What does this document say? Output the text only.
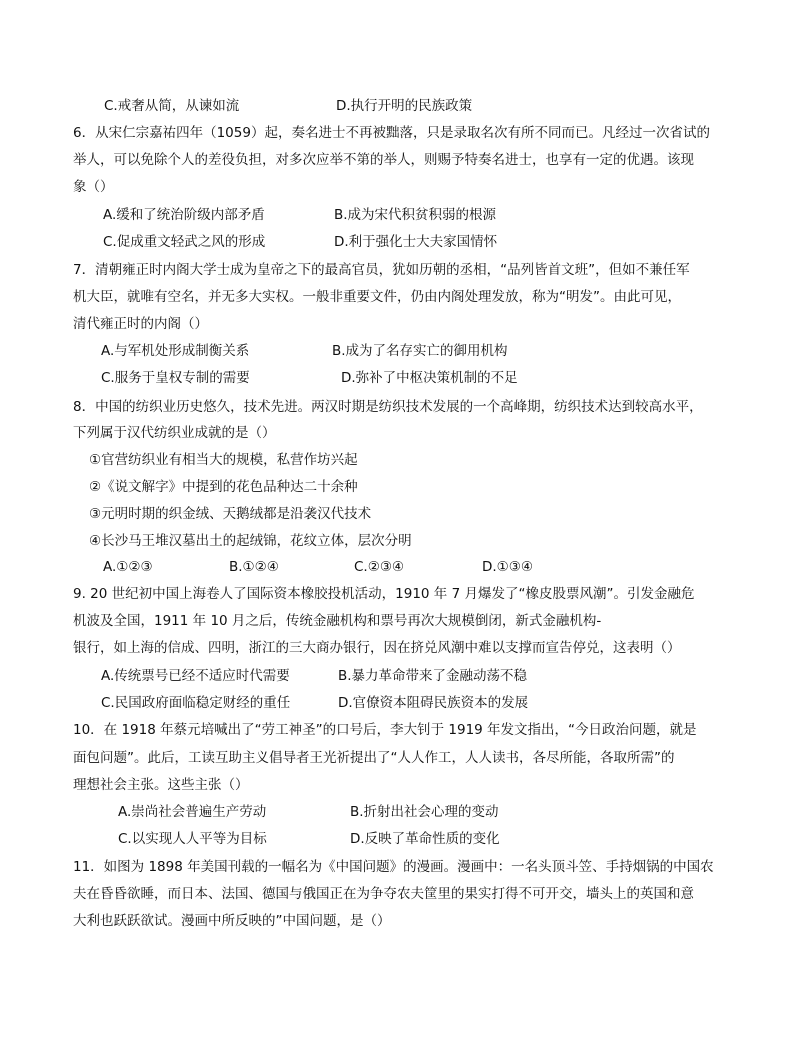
C.戒奢从简，从谏如流	D.执行开明的民族政策
6．从宋仁宗嘉祐四年（1059）起，奏名进士不再被黜落，只是录取名次有所不同而已。凡经过一次省试的
举人，可以免除个人的差役负担，对多次应举不第的举人，则赐予特奏名进士，也享有一定的优遇。该现
象（）
A.缓和了统治阶级内部矛盾	B.成为宋代积贫积弱的根源
C.促成重文轻武之风的形成	D.利于强化士大夫家国情怀
7．清朝雍正时内阁大学士成为皇帝之下的最高官员，犹如历朝的丞相，“品列皆首文班”，但如不兼任军
机大臣，就唯有空名，并无多大实权。一般非重要文件，仍由内阁处理发放，称为“明发”。由此可见，
清代雍正时的内阁（）
A.与军机处形成制衡关系	B.成为了名存实亡的御用机构
C.服务于皇权专制的需要	D.弥补了中枢决策机制的不足
8．中国的纺织业历史悠久，技术先进。两汉时期是纺织技术发展的一个高峰期，纺织技术达到较高水平，
下列属于汉代纺织业成就的是（）
①官营纺织业有相当大的规模，私营作坊兴起
②《说文解字》中提到的花色品种达二十余种
③元明时期的织金绒、天鹅绒都是沿袭汉代技术
④长沙马王堆汉墓出土的起绒锦，花纹立体，层次分明
A.①②③	B.①②④	C.②③④	D.①③④
9. 20 世纪初中国上海卷人了国际资本橡胶投机活动，1910 年 7 月爆发了“橡皮股票风潮”。引发金融危
机波及全国，1911 年 10 月之后，传统金融机构和票号再次大规模倒闭，新式金融机构-
银行，如上海的信成、四明，浙江的三大商办银行，因在挤兑风潮中难以支撑而宣告停兑，这表明（）
A.传统票号已经不适应时代需要	B.暴力革命带来了金融动荡不稳
C.民国政府面临稳定财经的重任	D.官僚资本阻碍民族资本的发展
10．在 1918 年蔡元培喊出了“劳工神圣”的口号后，李大钊于 1919 年发文指出，“今日政治问题，就是
面包问题”。此后，工读互助主义倡导者王光祈提出了“人人作工，人人读书，各尽所能，各取所需”的
理想社会主张。这些主张（）
A.崇尚社会普遍生产劳动	B.折射出社会心理的变动
C.以实现人人平等为目标	D.反映了革命性质的变化
11．如图为 1898 年美国刊载的一幅名为《中国问题》的漫画。漫画中：一名头顶斗笠、手持烟锅的中国农
夫在昏昏欲睡，而日本、法国、德国与俄国正在为争夺农夫筐里的果实打得不可开交，墙头上的英国和意
大利也跃跃欲试。漫画中所反映的”中国问题，是（）
